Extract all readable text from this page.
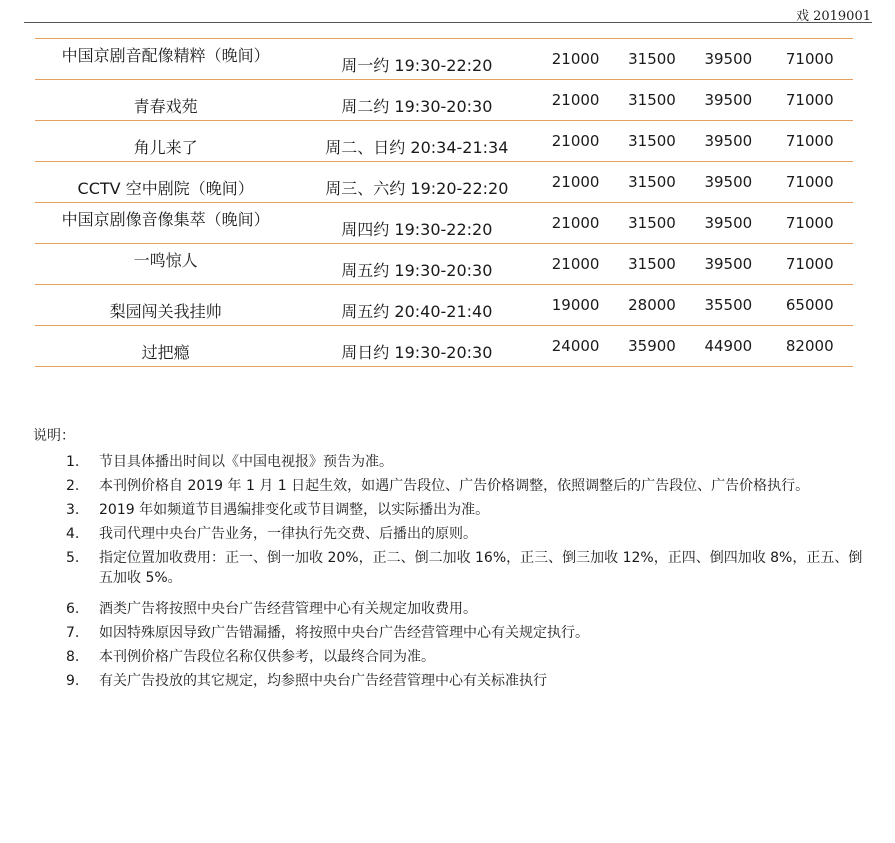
戏 2019001
中国京剧音配像精粹（晚间）	周一约 19:30-22:20	21000	31500	39500	71000
青春戏苑	周二约 19:30-20:30	21000	31500	39500	71000
角儿来了	周二、日约 20:34-21:34	21000	31500	39500	71000
CCTV 空中剧院（晚间）	周三、六约 19:20-22:20	21000	31500	39500	71000
中国京剧像音像集萃（晚间）	周四约 19:30-22:20	21000	31500	39500	71000
一鸣惊人	周五约 19:30-20:30	21000	31500	39500	71000
梨园闯关我挂帅	周五约 20:40-21:40	19000	28000	35500	65000
过把瘾	周日约 19:30-20:30	24000	35900	44900	82000
说明：
1. 节目具体播出时间以《中国电视报》预告为准。
2. 本刊例价格自 2019 年 1 月 1 日起生效，如遇广告段位、广告价格调整，依照调整后的广告段位、广告价格执行。
3. 2019 年如频道节目遇编排变化或节目调整，以实际播出为准。
4. 我司代理中央台广告业务，一律执行先交费、后播出的原则。
5. 指定位置加收费用：正一、倒一加收 20%，正二、倒二加收 16%，正三、倒三加收 12%，正四、倒四加收 8%，正五、倒五加收 5%。
6. 酒类广告将按照中央台广告经营管理中心有关规定加收费用。
7. 如因特殊原因导致广告错漏播，将按照中央台广告经营管理中心有关规定执行。
8. 本刊例价格广告段位名称仅供参考，以最终合同为准。
9. 有关广告投放的其它规定，均参照中央台广告经营管理中心有关标准执行
